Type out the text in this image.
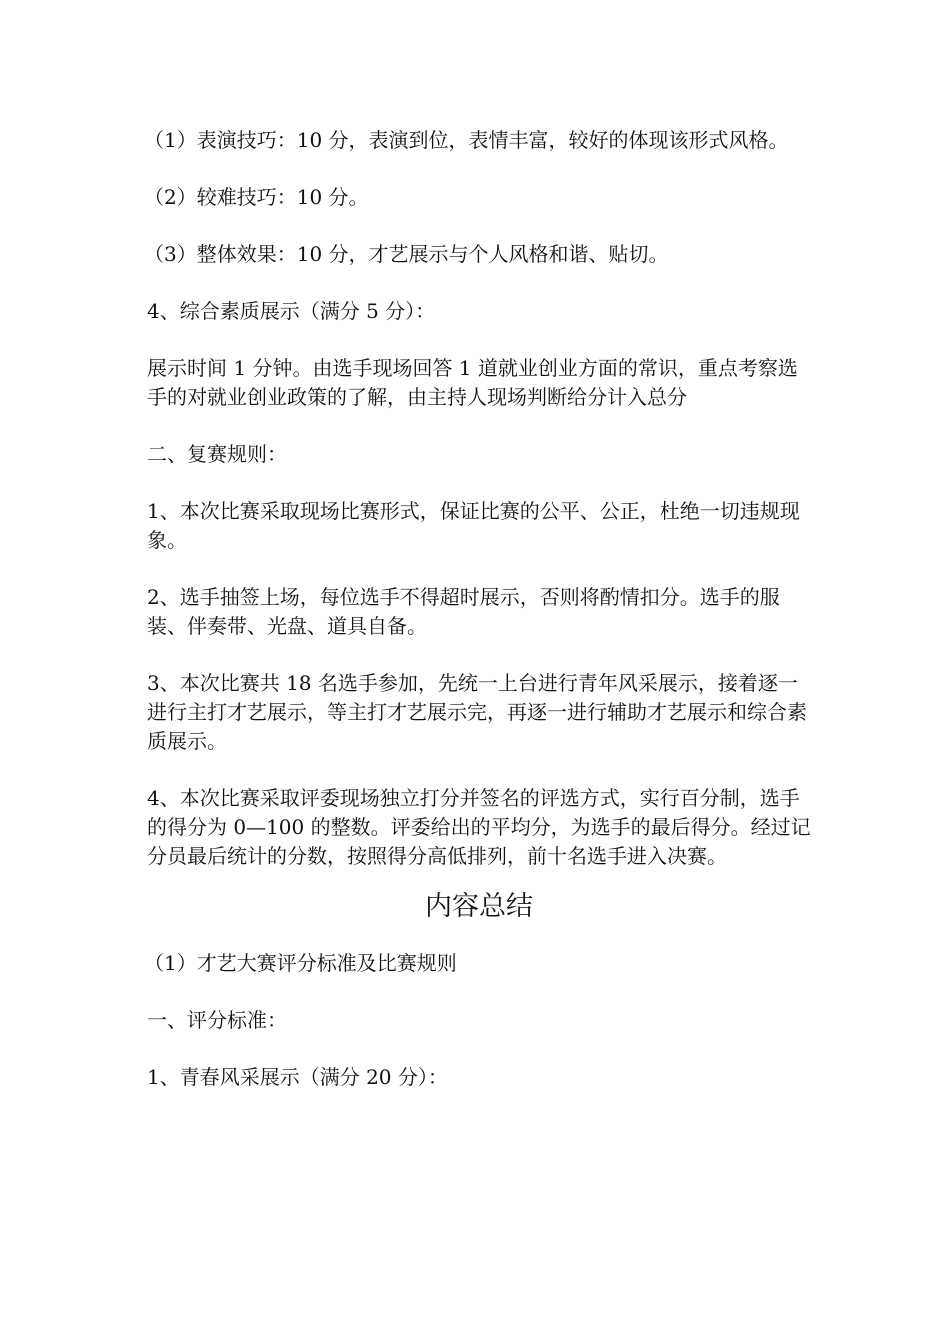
（1）表演技巧：10 分，表演到位，表情丰富，较好的体现该形式风格。

（2）较难技巧：10 分。

（3）整体效果：10 分，才艺展示与个人风格和谐、贴切。

4、综合素质展示（满分 5 分）：

展示时间 1 分钟。由选手现场回答 1 道就业创业方面的常识，重点考察选手的对就业创业政策的了解，由主持人现场判断给分计入总分

二、复赛规则：

1、本次比赛采取现场比赛形式，保证比赛的公平、公正，杜绝一切违规现象。

2、选手抽签上场，每位选手不得超时展示，否则将酌情扣分。选手的服装、伴奏带、光盘、道具自备。

3、本次比赛共 18 名选手参加，先统一上台进行青年风采展示，接着逐一进行主打才艺展示，等主打才艺展示完，再逐一进行辅助才艺展示和综合素质展示。

4、本次比赛采取评委现场独立打分并签名的评选方式，实行百分制，选手的得分为 0—100 的整数。评委给出的平均分，为选手的最后得分。经过记分员最后统计的分数，按照得分高低排列，前十名选手进入决赛。

内容总结

（1）才艺大赛评分标准及比赛规则

一、评分标准：

1、青春风采展示（满分 20 分）：
